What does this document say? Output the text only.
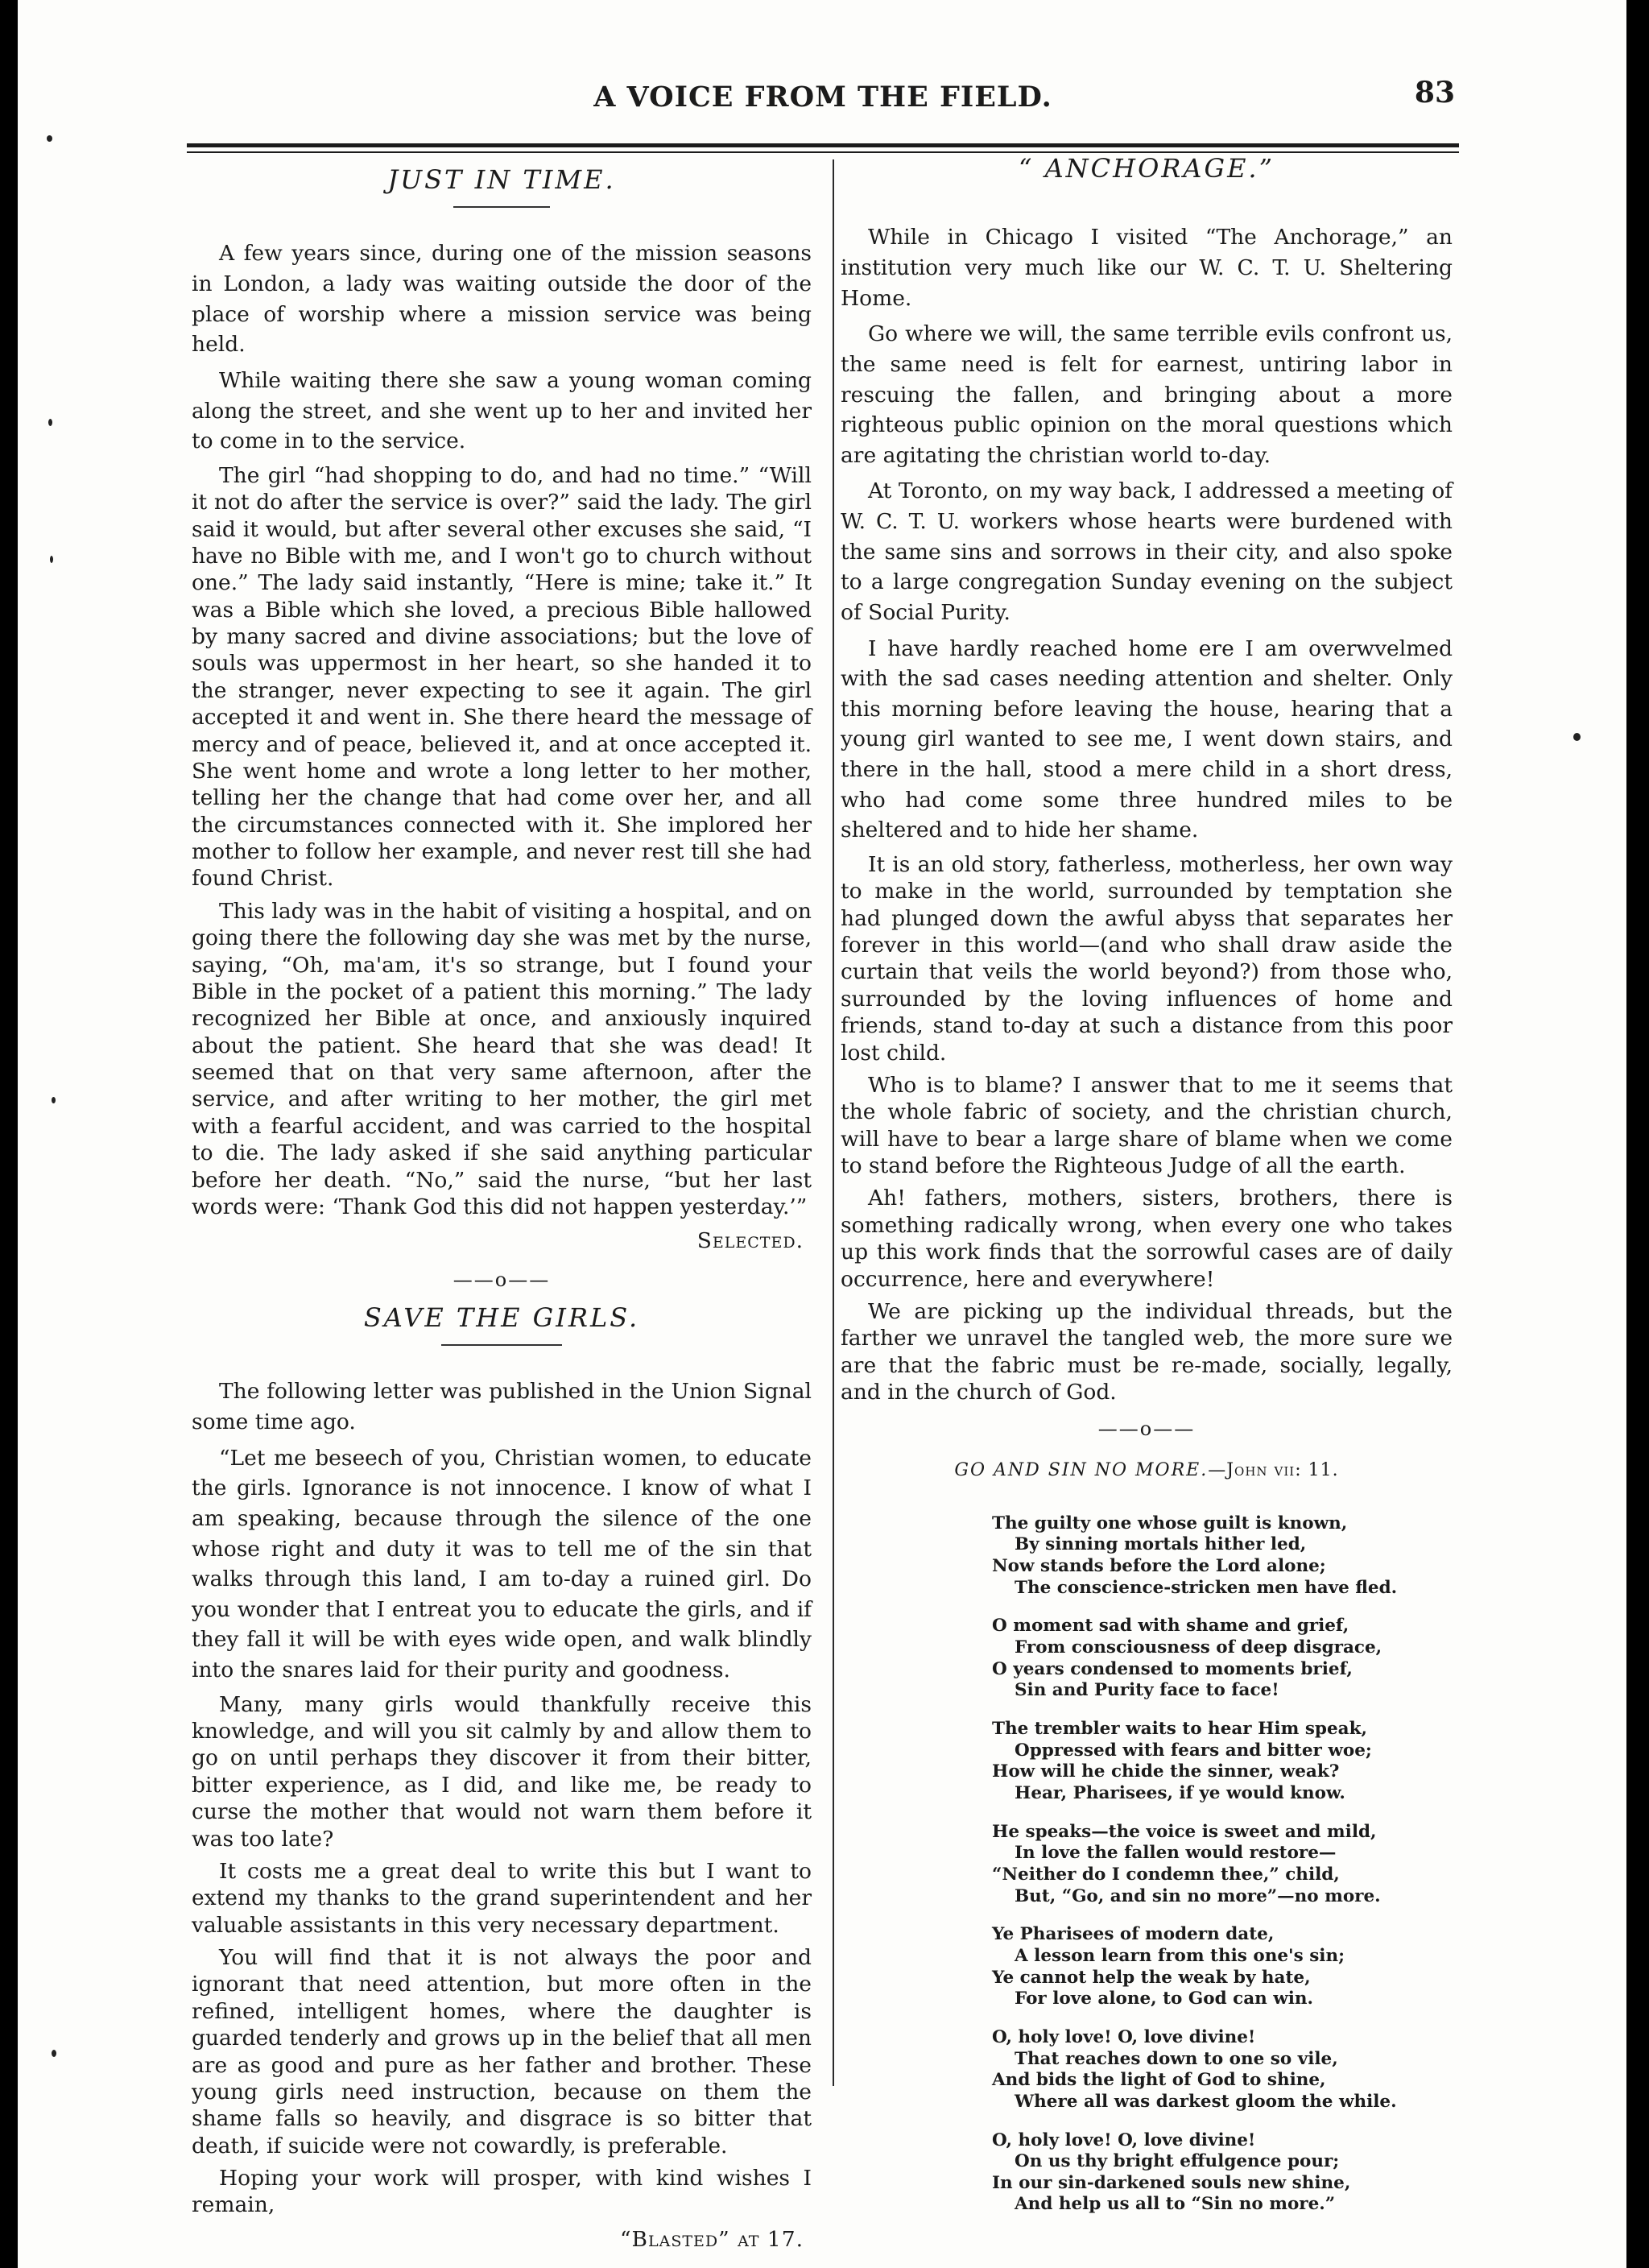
A VOICE FROM THE FIELD.	83
JUST IN TIME.

A few years since, during one of the mission seasons in London, a lady was waiting outside the door of the place of worship where a mission service was being held.

While waiting there she saw a young woman coming along the street, and she went up to her and invited her to come in to the service.

The girl “had shopping to do, and had no time.” “Will it not do after the service is over?” said the lady. The girl said it would, but after several other excuses she said, “I have no Bible with me, and I won't go to church without one.” The lady said instantly, “Here is mine; take it.” It was a Bible which she loved, a precious Bible hallowed by many sacred and divine associations; but the love of souls was uppermost in her heart, so she handed it to the stranger, never expecting to see it again. The girl accepted it and went in. She there heard the message of mercy and of peace, believed it, and at once accepted it. She went home and wrote a long letter to her mother, telling her the change that had come over her, and all the circumstances connected with it. She implored her mother to follow her example, and never rest till she had found Christ.

This lady was in the habit of visiting a hospital, and on going there the following day she was met by the nurse, saying, “Oh, ma'am, it's so strange, but I found your Bible in the pocket of a patient this morning.” The lady recognized her Bible at once, and anxiously inquired about the patient. She heard that she was dead! It seemed that on that very same afternoon, after the service, and after writing to her mother, the girl met with a fearful accident, and was carried to the hospital to die. The lady asked if she said anything particular before her death. “No,” said the nurse, “but her last words were: ‘Thank God this did not happen yesterday.’”

Selected.
——o——
SAVE THE GIRLS.

The following letter was published in the Union Signal some time ago.

“Let me beseech of you, Christian women, to educate the girls. Ignorance is not innocence. I know of what I am speaking, because through the silence of the one whose right and duty it was to tell me of the sin that walks through this land, I am to-day a ruined girl. Do you wonder that I entreat you to educate the girls, and if they fall it will be with eyes wide open, and walk blindly into the snares laid for their purity and goodness.

Many, many girls would thankfully receive this knowledge, and will you sit calmly by and allow them to go on until perhaps they discover it from their bitter, bitter experience, as I did, and like me, be ready to curse the mother that would not warn them before it was too late?

It costs me a great deal to write this but I want to extend my thanks to the grand superintendent and her valuable assistants in this very necessary department.

You will find that it is not always the poor and ignorant that need attention, but more often in the refined, intelligent homes, where the daughter is guarded tenderly and grows up in the belief that all men are as good and pure as her father and brother. These young girls need instruction, because on them the shame falls so heavily, and disgrace is so bitter that death, if suicide were not cowardly, is preferable.

Hoping your work will prosper, with kind wishes I remain,

“Blasted” at 17.
“ ANCHORAGE.”

While in Chicago I visited “The Anchorage,” an institution very much like our W. C. T. U. Sheltering Home.

Go where we will, the same terrible evils confront us, the same need is felt for earnest, untiring labor in rescuing the fallen, and bringing about a more righteous public opinion on the moral questions which are agitating the christian world to-day.

At Toronto, on my way back, I addressed a meeting of W. C. T. U. workers whose hearts were burdened with the same sins and sorrows in their city, and also spoke to a large congregation Sunday evening on the subject of Social Purity.

I have hardly reached home ere I am overwvelmed with the sad cases needing attention and shelter. Only this morning before leaving the house, hearing that a young girl wanted to see me, I went down stairs, and there in the hall, stood a mere child in a short dress, who had come some three hundred miles to be sheltered and to hide her shame.

It is an old story, fatherless, motherless, her own way to make in the world, surrounded by temptation she had plunged down the awful abyss that separates her forever in this world—(and who shall draw aside the curtain that veils the world beyond?) from those who, surrounded by the loving influences of home and friends, stand to-day at such a distance from this poor lost child.

Who is to blame? I answer that to me it seems that the whole fabric of society, and the christian church, will have to bear a large share of blame when we come to stand before the Righteous Judge of all the earth.

Ah! fathers, mothers, sisters, brothers, there is something radically wrong, when every one who takes up this work finds that the sorrowful cases are of daily occurrence, here and everywhere!

We are picking up the individual threads, but the farther we unravel the tangled web, the more sure we are that the fabric must be re-made, socially, legally, and in the church of God.

——o——
GO AND SIN NO MORE.—John vii: 11.
The guilty one whose guilt is known,
By sinning mortals hither led,
Now stands before the Lord alone;
The conscience-stricken men have fled.
O moment sad with shame and grief,
From consciousness of deep disgrace,
O years condensed to moments brief,
Sin and Purity face to face!
The trembler waits to hear Him speak,
Oppressed with fears and bitter woe;
How will he chide the sinner, weak?
Hear, Pharisees, if ye would know.
He speaks—the voice is sweet and mild,
In love the fallen would restore—
“Neither do I condemn thee,” child,
But, “Go, and sin no more”—no more.
Ye Pharisees of modern date,
A lesson learn from this one's sin;
Ye cannot help the weak by hate,
For love alone, to God can win.
O, holy love! O, love divine!
That reaches down to one so vile,
And bids the light of God to shine,
Where all was darkest gloom the while.
O, holy love! O, love divine!
On us thy bright effulgence pour;
In our sin-darkened souls new shine,
And help us all to “Sin no more.”
